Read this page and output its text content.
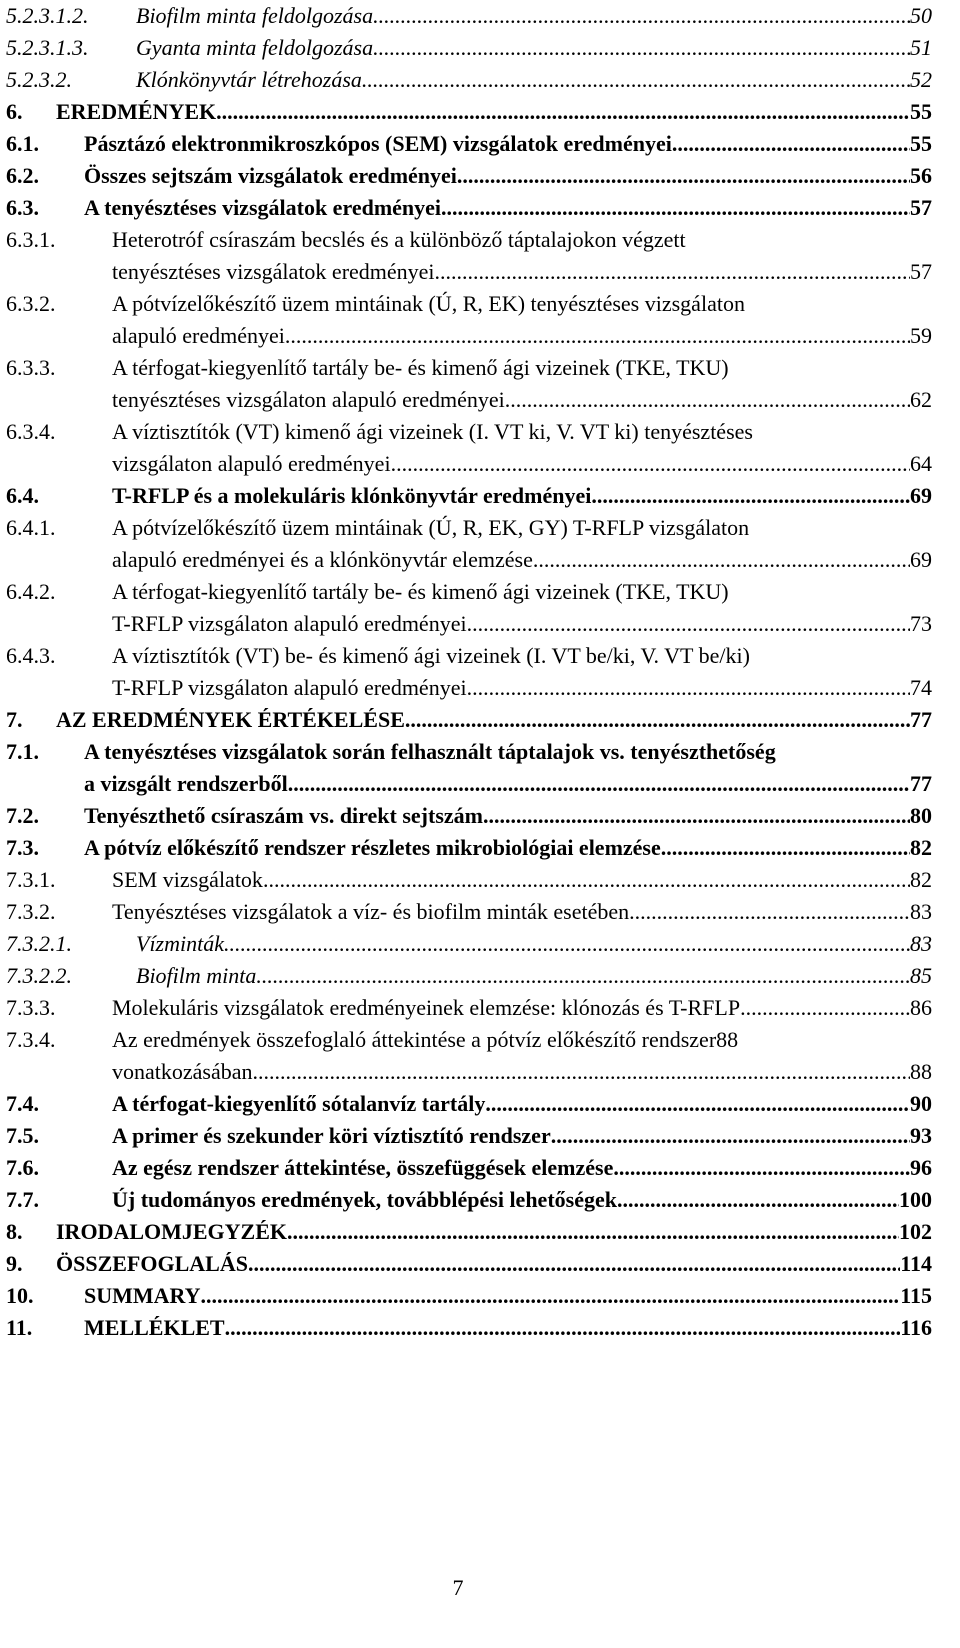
5.2.3.1.2. Biofilm minta feldolgozása .....	50
5.2.3.1.3. Gyanta minta feldolgozása .....	51
5.2.3.2.	Klónkönyvtár létrehozása .....	52
6. EREDMÉNYEK .....	55
6.1. Pásztázó elektronmikroszkópos (SEM) vizsgálatok eredményei .....	55
6.2. Összes sejtszám vizsgálatok eredményei .....	56
6.3. A tenyésztéses vizsgálatok eredményei .....	57
6.3.1.	Heterotróf csíraszám becslés és a különböző táptalajokon végzett
tenyésztéses vizsgálatok eredményei .....	57
6.3.2.	A pótvízelőkészítő üzem mintáinak (Ú, R, EK) tenyésztéses vizsgálaton
alapuló eredményei .....	59
6.3.3.	A térfogat-kiegyenlítő tartály be- és kimenő ági vizeinek (TKE, TKU)
tenyésztéses vizsgálaton alapuló eredményei .....	62
6.3.4.	A víztisztítók (VT) kimenő ági vizeinek (I. VT ki, V. VT ki) tenyésztéses
vizsgálaton alapuló eredményei .....	64
6.4.	T-RFLP és a molekuláris klónkönyvtár eredményei .....	69
6.4.1.	A pótvízelőkészítő üzem mintáinak (Ú, R, EK, GY) T-RFLP vizsgálaton
alapuló eredményei és a klónkönyvtár elemzése .....	69
6.4.2.	A térfogat-kiegyenlítő tartály be- és kimenő ági vizeinek (TKE, TKU)
T-RFLP vizsgálaton alapuló eredményei .....	73
6.4.3.	A víztisztítók (VT) be- és kimenő ági vizeinek (I. VT be/ki, V. VT be/ki)
T-RFLP vizsgálaton alapuló eredményei .....	74
7. AZ EREDMÉNYEK ÉRTÉKELÉSE .....	77
7.1. A tenyésztéses vizsgálatok során felhasznált táptalajok vs. tenyészthetőség
a vizsgált rendszerből .....	77
7.2. Tenyészthető csíraszám vs. direkt sejtszám .....	80
7.3. A pótvíz előkészítő rendszer részletes mikrobiológiai elemzése .....	82
7.3.1.	SEM vizsgálatok .....	82
7.3.2.	Tenyésztéses vizsgálatok a víz- és biofilm minták esetében .....	83
7.3.2.1.	Vízminták .....	83
7.3.2.2.	Biofilm minta .....	85
7.3.3.	Molekuláris vizsgálatok eredményeinek elemzése: klónozás és T-RFLP .....	86
7.3.4.	Az eredmények összefoglaló áttekintése a pótvíz előkészítő rendszer88
vonatkozásában .....	88
7.4.	A térfogat-kiegyenlítő sótalanvíz tartály .....	90
7.5.	A primer és szekunder köri víztisztító rendszer .....	93
7.6.	Az egész rendszer áttekintése, összefüggések elemzése .....	96
7.7.	Új tudományos eredmények, továbblépési lehetőségek .....	100
8. IRODALOMJEGYZÉK .....	102
9. ÖSSZEFOGLALÁS .....	114
10. SUMMARY .....	115
11. MELLÉKLET .....	116
7
